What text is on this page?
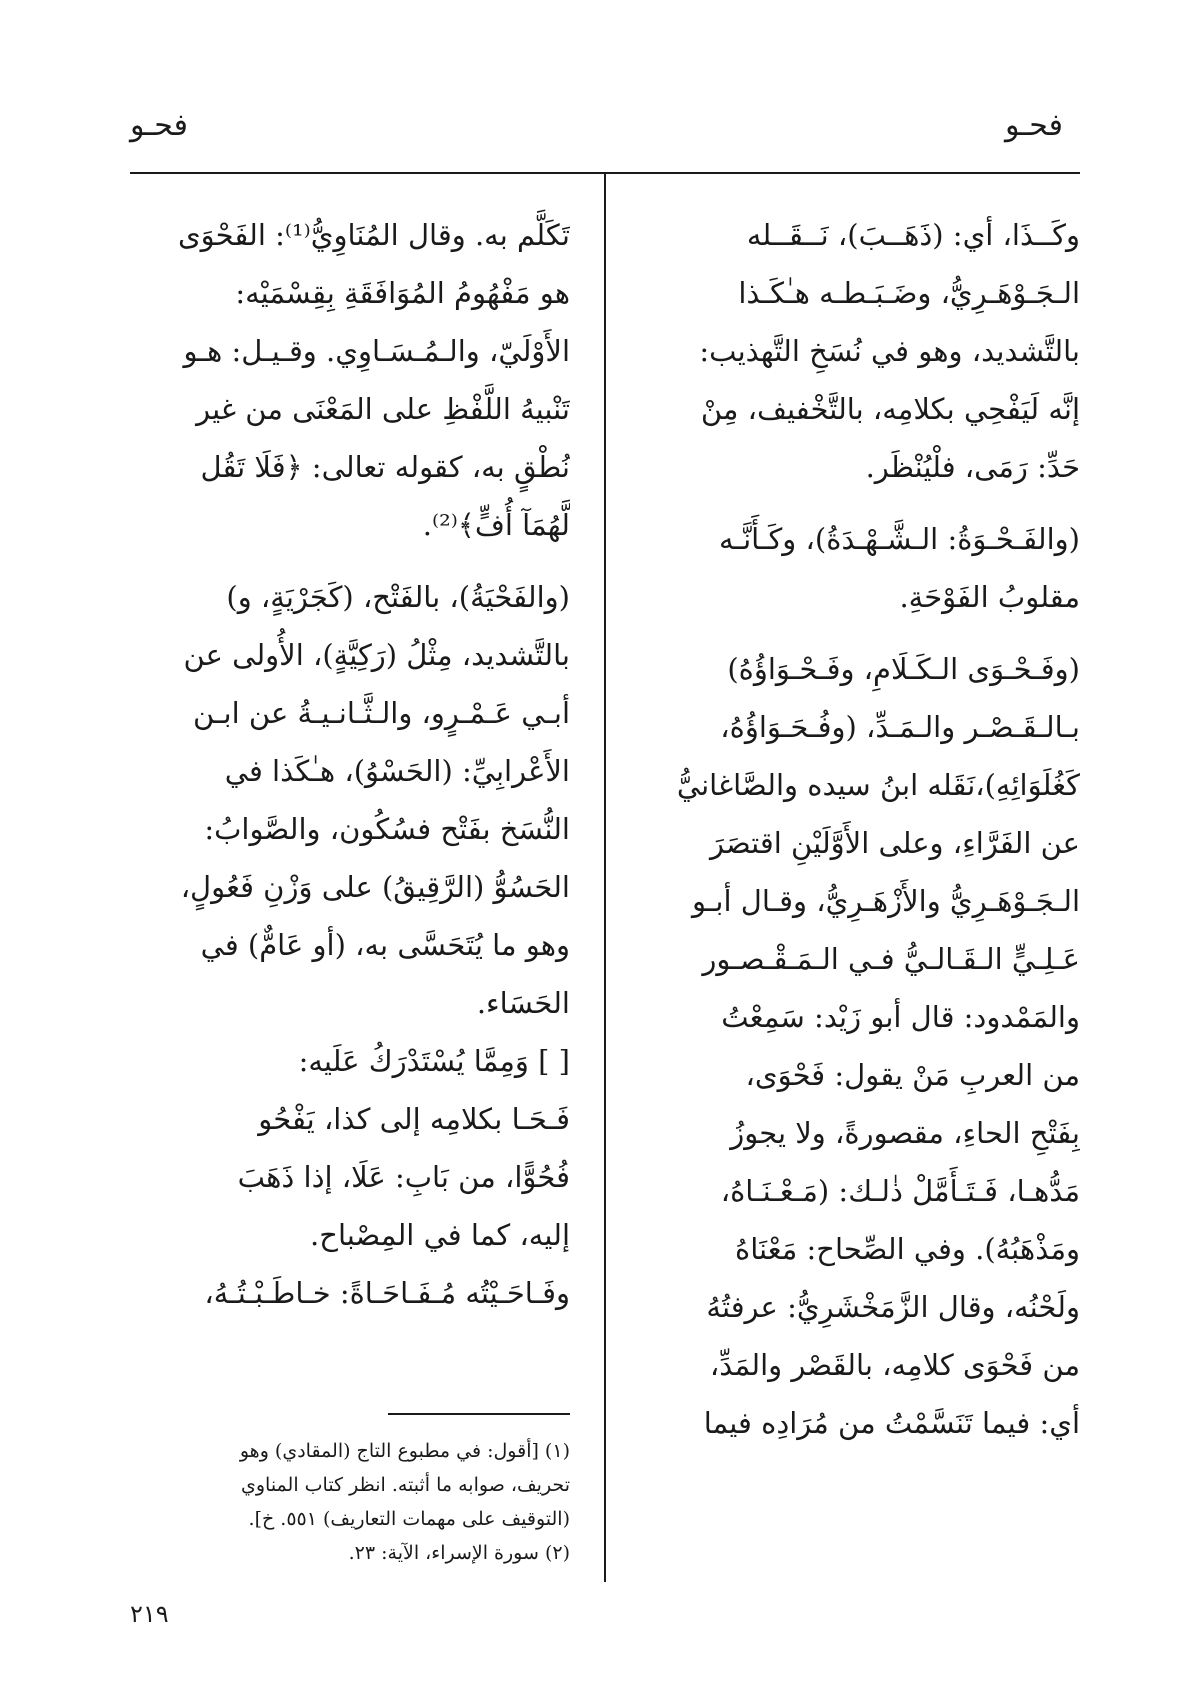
فحـو
فحـو
وكَــذَا، أي: (ذَهَــبَ)، نَــقَــله
الـجَـوْهَـرِيُّ، وضَـبَـطـه هـٰكَـذا
بالتَّشديد، وهو في نُسَخِ التَّهذيب:
إنَّه لَيَفْحِي بكلامِه، بالتَّخْفيف، مِنْ
حَدِّ: رَمَى، فلْيُنْظَر.
(والفَـحْـوَةُ: الـشَّـهْـدَةُ)، وكَـأَنَّـه
مقلوبُ الفَوْحَةِ.
(وفَـحْـوَى الـكَـلَامِ، وفَـحْـوَاؤُهُ)
بـالـقَـصْـر والـمَـدِّ، (وفُـحَـوَاؤُهُ،
كَغُلَوَائِهِ)،نَقَله ابنُ سيده والصَّاغانيُّ
عن الفَرَّاءِ، وعلى الأَوَّلَيْنِ اقتصَرَ
الـجَـوْهَـرِيُّ والأَزْهَـرِيُّ، وقـال أبـو
عَـلِـيٍّ الـقَـالـيُّ فـي الـمَـقْـصـور
والمَمْدود: قال أبو زَيْد: سَمِعْتُ
من العربِ مَنْ يقول: فَحْوَى،
بِفَتْحِ الحاءِ، مقصورةً، ولا يجوزُ
مَدُّهـا، فَـتَـأَمَّلْ ذٰلـك: (مَـعْـنَـاهُ،
ومَذْهَبُهُ). وفي الصِّحاح: مَعْنَاهُ
ولَحْنُه، وقال الزَّمَخْشَرِيُّ: عرفتُهُ
من فَحْوَى كلامِه، بالقَصْر والمَدِّ،
أي: فيما تَنَسَّمْتُ من مُرَادِه فيما
تَكَلَّم به. وقال المُنَاوِيُّ⁽¹⁾: الفَحْوَى
هو مَفْهُومُ المُوَافَقَةِ بِقِسْمَيْه:
الأَوْلَيّ، والـمُـسَـاوِي. وقـيـل: هـو
تَنْبيهُ اللَّفْظِ على المَعْنَى من غير
نُطْقٍ به، كقوله تعالى: ﴿فَلَا تَقُل
لَّهُمَآ أُفٍّ﴾⁽²⁾.
(والفَحْيَةُ)، بالفَتْح، (كَجَرْيَةٍ، و)
بالتَّشديد، مِثْلُ (رَكِيَّةٍ)، الأُولى عن
أبـي عَـمْـرٍو، والـثَّـانـيـةُ عن ابـن
الأَعْرابِيِّ: (الحَسْوُ)، هـٰكَذا في
النُّسَخ بفَتْح فسُكُون، والصَّوابُ:
الحَسُوُّ (الرَّقِيقُ) على وَزْنِ فَعُولٍ،
وهو ما يُتَحَسَّى به، (أو عَامٌّ) في
الحَسَاء.
[ ] وَمِمَّا يُسْتَدْرَكُ عَلَيه:
فَـحَـا بكلامِه إلى كذا، يَفْحُو
فُحُوًّا، من بَابِ: عَلَا، إذا ذَهَبَ
إليه، كما في المِصْباح.
وفَـاحَـيْتُه مُـفَـاحَـاةً: خـاطَـبْـتُـهُ،
(١) [أقول: في مطبوع التاج (المقادي) وهو
تحريف، صوابه ما أثبته. انظر كتاب المناوي
(التوقيف على مهمات التعاريف) ٥٥١. خ].
(٢) سورة الإسراء، الآية: ٢٣.
٢١٩
